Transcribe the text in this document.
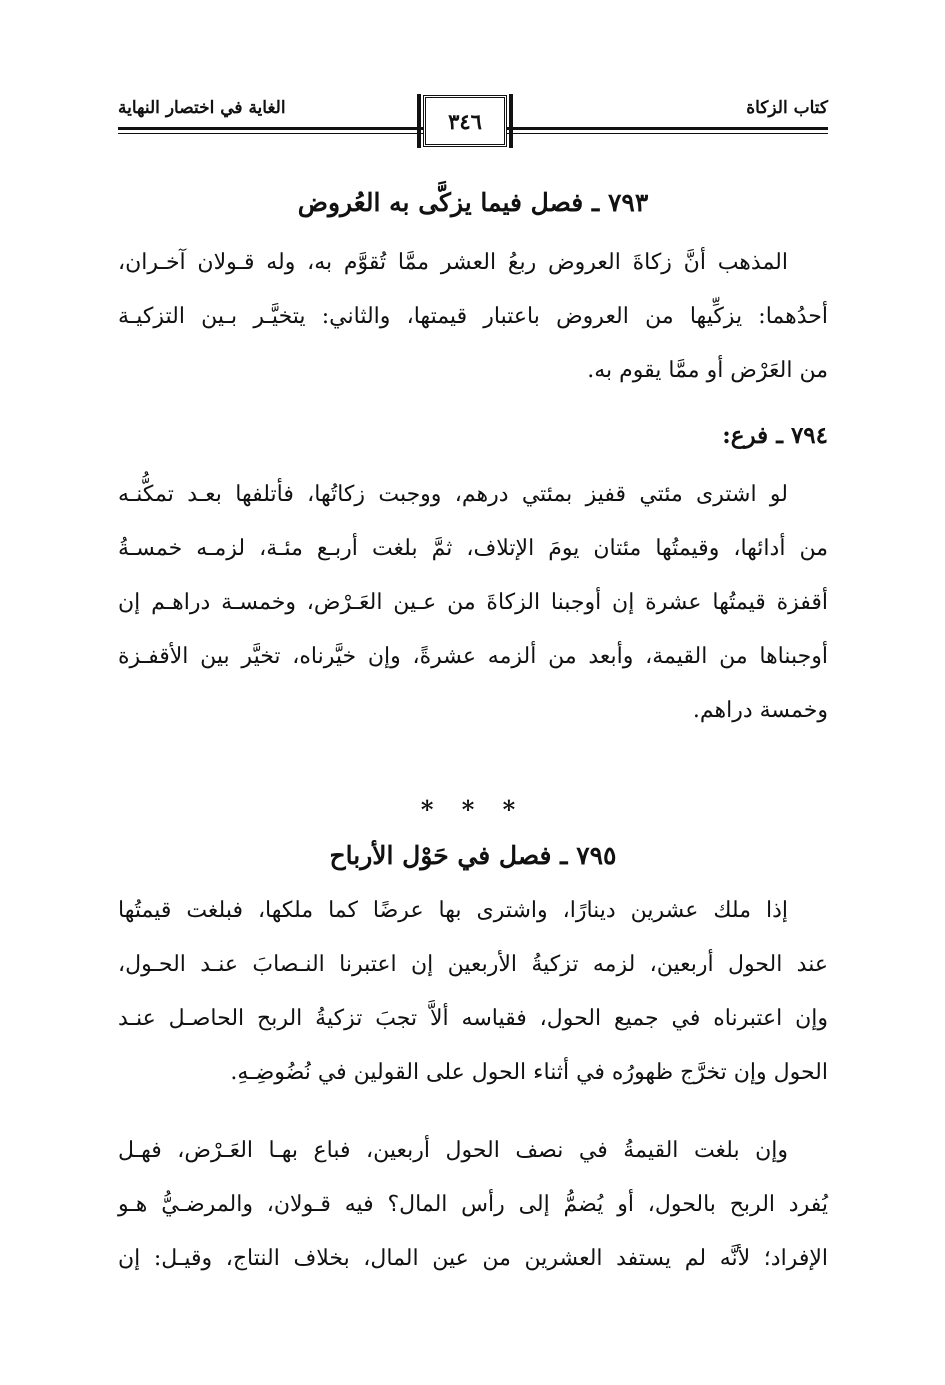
كتاب الزكاة
الغاية في اختصار النهاية
٣٤٦
٧٩٣ ـ فصل فيما يزكَّى به العُروض
المذهب أنَّ زكاةَ العروض ربعُ العشر ممَّا تُقوَّم به، وله قـولان آخـران،
أحدُهما: يزكِّيها من العروض باعتبار قيمتها، والثاني: يتخيَّـر بـين التزكيـة
من العَرْض أو ممَّا يقوم به.
٧٩٤ ـ فرع:
لو اشترى مئتي قفيز بمئتي درهم، ووجبت زكاتُها، فأتلفها بعـد تمكُّنـه
من أدائها، وقيمتُها مئتان يومَ الإتلاف، ثمَّ بلغت أربـع مئـة، لزمـه خمسـةُ
أقفزة قيمتُها عشرة إن أوجبنا الزكاةَ من عـين العَـرْض، وخمسـة دراهـم إن
أوجبناها من القيمة، وأبعد من ألزمه عشرةً، وإن خيَّرناه، تخيَّر بين الأقفـزة
وخمسة دراهم.
* * *
٧٩٥ ـ فصل في حَوْل الأرباح
إذا ملك عشرين دينارًا، واشترى بها عرضًا كما ملكها، فبلغت قيمتُها
عند الحول أربعين، لزمه تزكيةُ الأربعين إن اعتبرنا النـصابَ عنـد الحـول،
وإن اعتبرناه في جميع الحول، فقياسه ألاَّ تجبَ تزكيةُ الربح الحاصـل عنـد
الحول وإن تخرَّج ظهورُه في أثناء الحول على القولين في نُضُوضِـهِ.
وإن بلغت القيمةُ في نصف الحول أربعين، فباع بهـا العَـرْض، فهـل
يُفرد الربح بالحول، أو يُضمُّ إلى رأس المال؟ فيه قـولان، والمرضـيُّ هـو
الإفراد؛ لأنَّه لم يستفد العشرين من عين المال، بخلاف النتاج، وقيـل: إن
